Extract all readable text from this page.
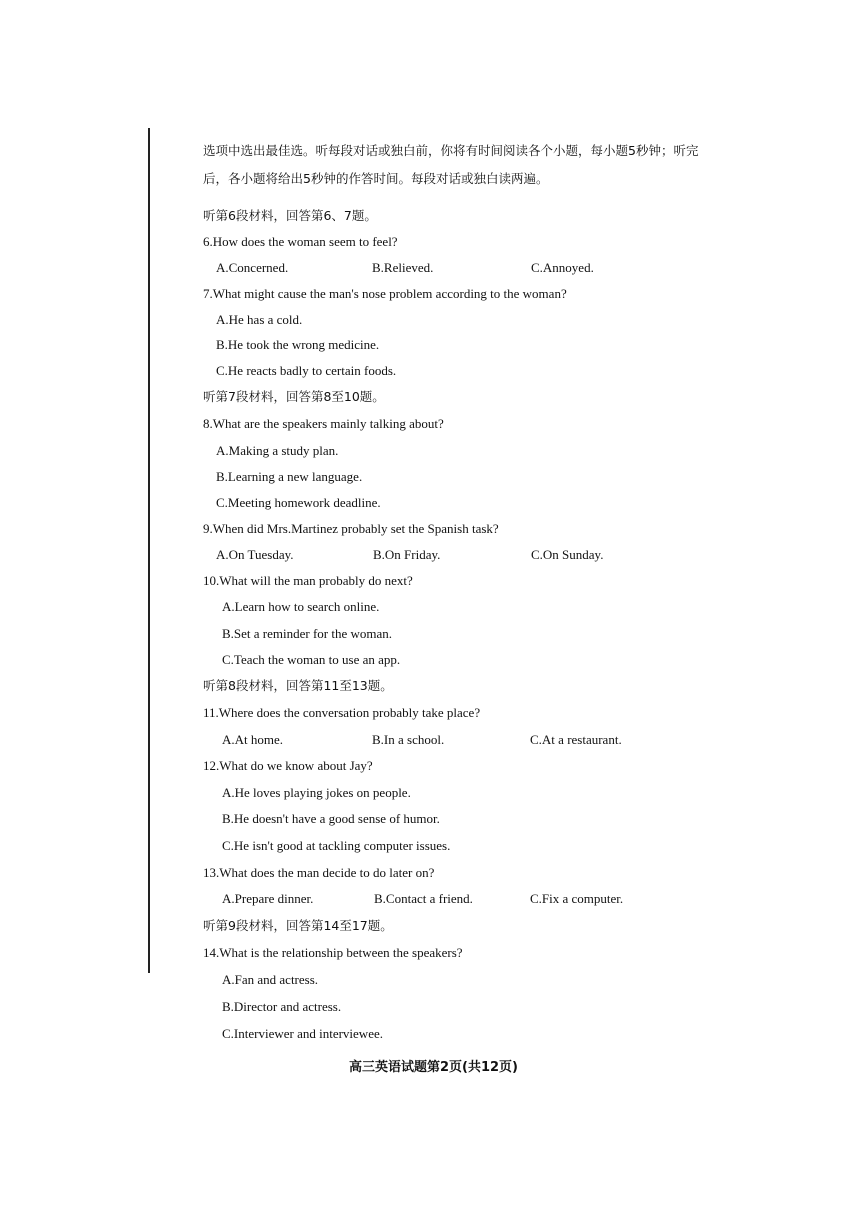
选项中选出最佳选。听每段对话或独白前，你将有时间阅读各个小题，每小题5秒钟；听完
后，各小题将给出5秒钟的作答时间。每段对话或独白读两遍。
听第6段材料，回答第6、7题。
6.How does the woman seem to feel?
A.Concerned.	B.Relieved.	C.Annoyed.
7.What might cause the man's nose problem according to the woman?
A.He has a cold.
B.He took the wrong medicine.
C.He reacts badly to certain foods.
听第7段材料，回答第8至10题。
8.What are the speakers mainly talking about?
A.Making a study plan.
B.Learning a new language.
C.Meeting homework deadline.
9.When did Mrs.Martinez probably set the Spanish task?
A.On Tuesday.	B.On Friday.	C.On Sunday.
10.What will the man probably do next?
A.Learn how to search online.
B.Set a reminder for the woman.
C.Teach the woman to use an app.
听第8段材料，回答第11至13题。
11.Where does the conversation probably take place?
A.At home.	B.In a school.	C.At a restaurant.
12.What do we know about Jay?
A.He loves playing jokes on people.
B.He doesn't have a good sense of humor.
C.He isn't good at tackling computer issues.
13.What does the man decide to do later on?
A.Prepare dinner.	B.Contact a friend.	C.Fix a computer.
听第9段材料，回答第14至17题。
14.What is the relationship between the speakers?
A.Fan and actress.
B.Director and actress.
C.Interviewer and interviewee.
高三英语试题第2页(共12页)
